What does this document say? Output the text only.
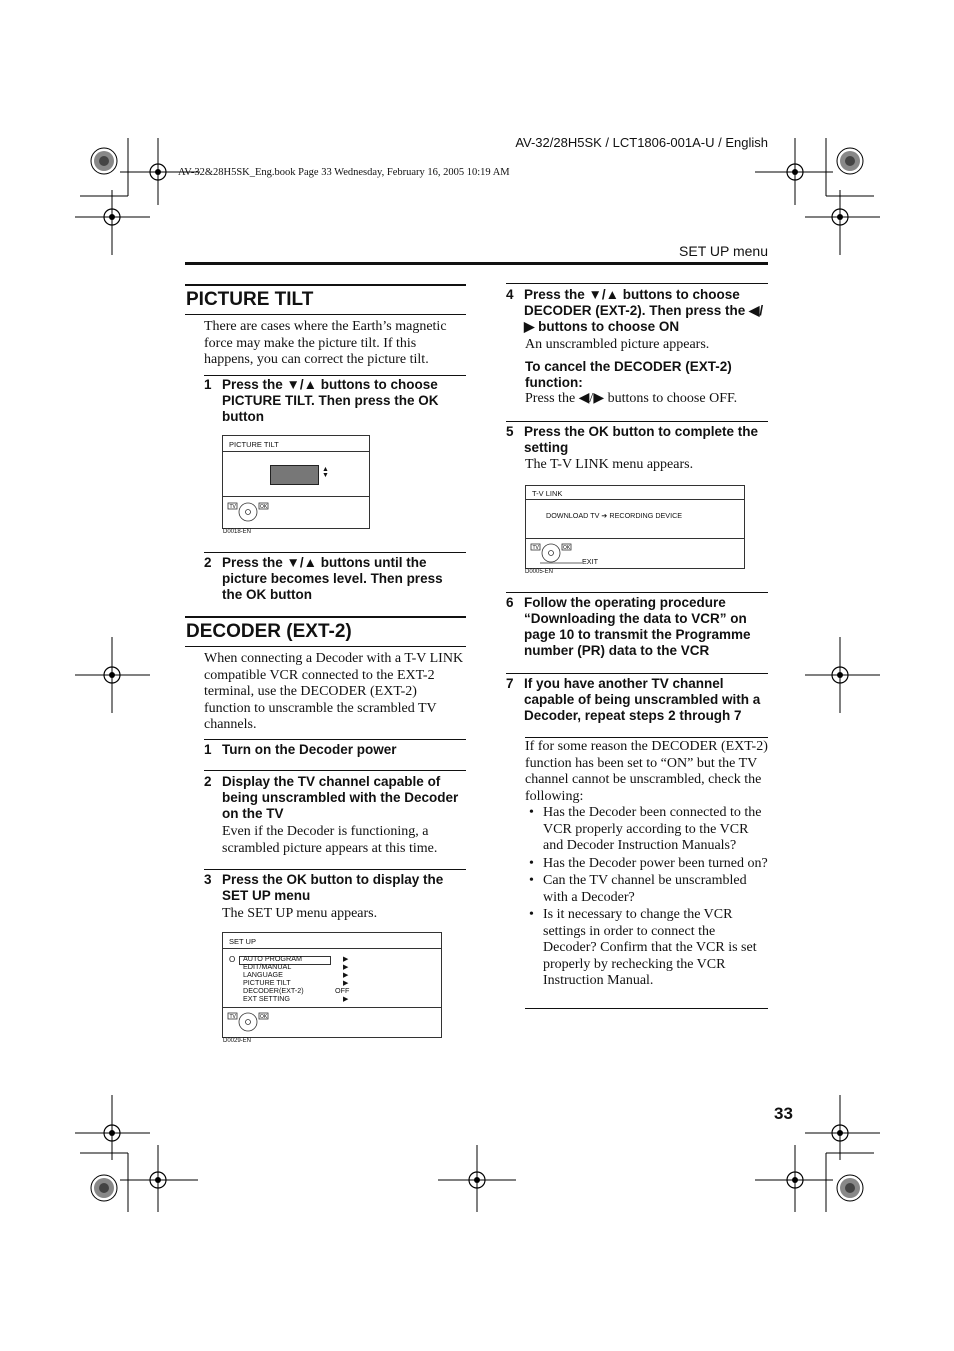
AV-32/28H5SK / LCT1806-001A-U / English
AV-32&28H5SK_Eng.book Page 33 Wednesday, February 16, 2005 10:19 AM
SET UP menu
PICTURE TILT
There are cases where the Earth’s magnetic force may make the picture tilt. If this happens, you can correct the picture tilt.
1 Press the ▼/▲ buttons to choose PICTURE TILT. Then press the OK button
PICTURE TILT
▲
▼
TV	OK
D0018-EN
2 Press the ▼/▲ buttons until the picture becomes level. Then press the OK button
DECODER (EXT-2)
When connecting a Decoder with a T-V LINK compatible VCR connected to the EXT-2 terminal, use the DECODER (EXT-2) function to unscramble the scrambled TV channels.
1 Turn on the Decoder power
2 Display the TV channel capable of being unscrambled with the Decoder on the TV
Even if the Decoder is functioning, a scrambled picture appears at this time.
3 Press the OK button to display the SET UP menu
The SET UP menu appears.
SET UP
O AUTO PROGRAM
EDIT/MANUAL
LANGUAGE
PICTURE TILT
DECODER(EXT-2)
EXT SETTING
▶
▶
▶
▶
OFF
▶
TV	OK
D0029-EN
4 Press the ▼/▲ buttons to choose DECODER (EXT-2). Then press the ◀/▶ buttons to choose ON
An unscrambled picture appears.
To cancel the DECODER (EXT-2) function:
Press the ◀/▶ buttons to choose OFF.
5 Press the OK button to complete the setting
The T-V LINK menu appears.
T-V LINK
DOWNLOAD TV ➔ RECORDING DEVICE
TV	OK
EXIT
D0005-EN
6 Follow the operating procedure “Downloading the data to VCR” on page 10 to transmit the Programme number (PR) data to the VCR
7 If you have another TV channel capable of being unscrambled with a Decoder, repeat steps 2 through 7
If for some reason the DECODER (EXT-2) function has been set to “ON” but the TV channel cannot be unscrambled, check the following:
• Has the Decoder been connected to the VCR properly according to the VCR and Decoder Instruction Manuals?
• Has the Decoder power been turned on?
• Can the TV channel be unscrambled with a Decoder?
• Is it necessary to change the VCR settings in order to connect the Decoder? Confirm that the VCR is set properly by rechecking the VCR Instruction Manual.
33
